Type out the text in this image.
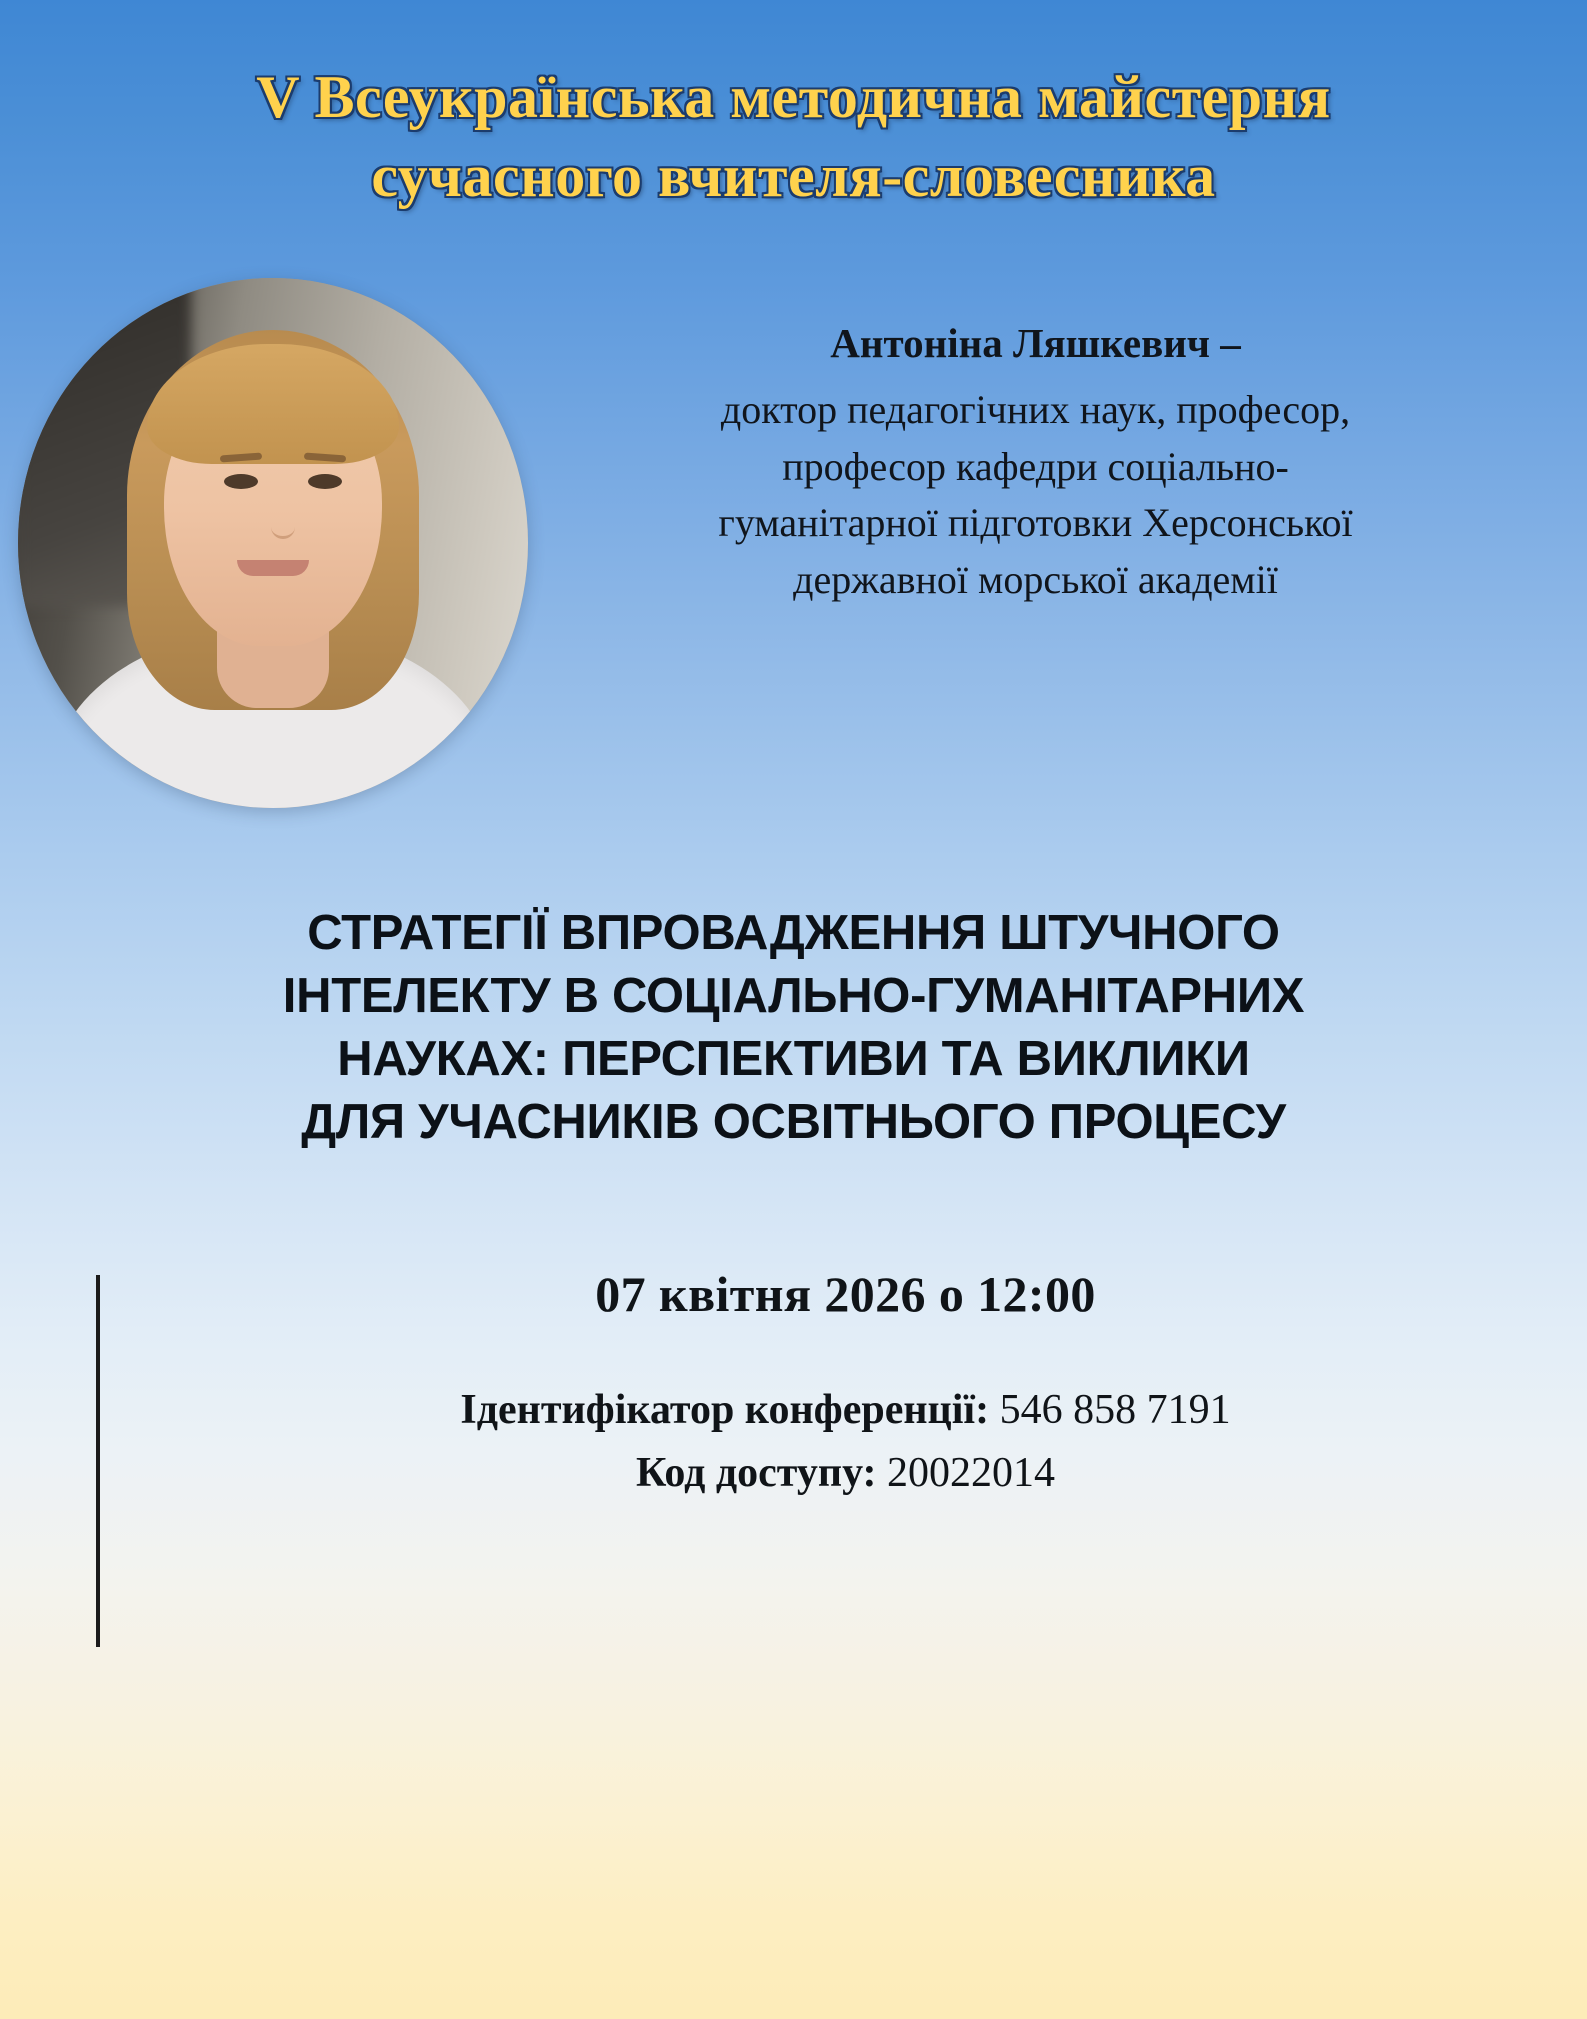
V Всеукраїнська методична майстерня
сучасного вчителя-словесника
Антоніна Ляшкевич –
доктор педагогічних наук, професор,
професор кафедри соціально-
гуманітарної підготовки Херсонської
державної морської академії
СТРАТЕГІЇ ВПРОВАДЖЕННЯ ШТУЧНОГО
ІНТЕЛЕКТУ В СОЦІАЛЬНО-ГУМАНІТАРНИХ
НАУКАХ: ПЕРСПЕКТИВИ ТА ВИКЛИКИ
ДЛЯ УЧАСНИКІВ ОСВІТНЬОГО ПРОЦЕСУ
07 квітня 2026 о 12:00
Ідентифікатор конференції: 546 858 7191
Код доступу: 20022014
